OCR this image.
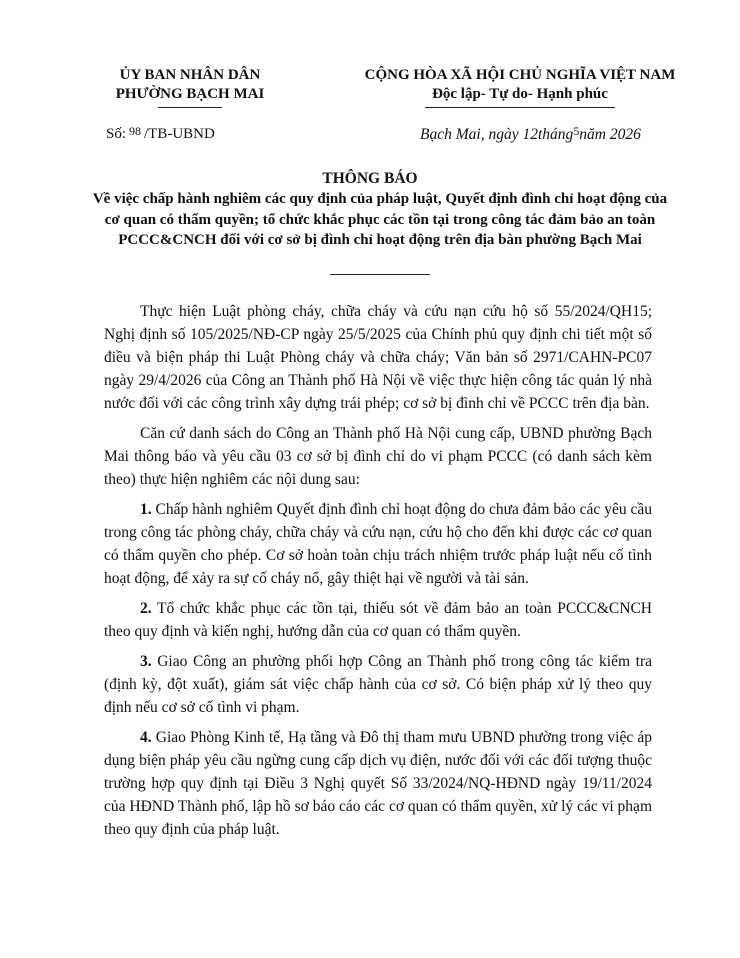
ỦY BAN NHÂN DÂN
PHƯỜNG BẠCH MAI
CỘNG HÒA XÃ HỘI CHỦ NGHĨA VIỆT NAM
Độc lập- Tự do- Hạnh phúc
Số: $^{98}$ /TB-UBND	Bạch Mai, ngày 12tháng$^5$năm 2026
THÔNG BÁO
Về việc chấp hành nghiêm các quy định của pháp luật, Quyết định đình chỉ hoạt động của cơ quan có thẩm quyền; tổ chức khắc phục các tồn tại trong công tác đảm bảo an toàn PCCC&CNCH đối với cơ sở bị đình chỉ hoạt động trên địa bàn phường Bạch Mai

Thực hiện Luật phòng cháy, chữa cháy và cứu nạn cứu hộ số 55/2024/QH15; Nghị định số 105/2025/NĐ-CP ngày 25/5/2025 của Chính phủ quy định chi tiết một số điều và biện pháp thi Luật Phòng cháy và chữa cháy; Văn bản số 2971/CAHN-PC07 ngày 29/4/2026 của Công an Thành phố Hà Nội về việc thực hiện công tác quản lý nhà nước đối với các công trình xây dựng trái phép; cơ sở bị đình chỉ về PCCC trên địa bàn.

Căn cứ danh sách do Công an Thành phố Hà Nội cung cấp, UBND phường Bạch Mai thông báo và yêu cầu 03 cơ sở bị đình chỉ do vi phạm PCCC (có danh sách kèm theo) thực hiện nghiêm các nội dung sau:

1. Chấp hành nghiêm Quyết định đình chỉ hoạt động do chưa đảm bảo các yêu cầu trong công tác phòng cháy, chữa cháy và cứu nạn, cứu hộ cho đến khi được các cơ quan có thẩm quyền cho phép. Cơ sở hoàn toàn chịu trách nhiệm trước pháp luật nếu cố tình hoạt động, để xảy ra sự cố cháy nổ, gây thiệt hại về người và tài sản.

2. Tổ chức khắc phục các tồn tại, thiếu sót về đảm bảo an toàn PCCC&CNCH theo quy định và kiến nghị, hướng dẫn của cơ quan có thẩm quyền.

3. Giao Công an phường phối hợp Công an Thành phố trong công tác kiểm tra (định kỳ, đột xuất), giám sát việc chấp hành của cơ sở. Có biện pháp xử lý theo quy định nếu cơ sở cố tình vi phạm.

4. Giao Phòng Kinh tế, Hạ tầng và Đô thị tham mưu UBND phường trong việc áp dụng biện pháp yêu cầu ngừng cung cấp dịch vụ điện, nước đối với các đối tượng thuộc trường hợp quy định tại Điều 3 Nghị quyết Số 33/2024/NQ-HĐND ngày 19/11/2024 của HĐND Thành phố, lập hồ sơ báo cáo các cơ quan có thẩm quyền, xử lý các vi phạm theo quy định của pháp luật.
